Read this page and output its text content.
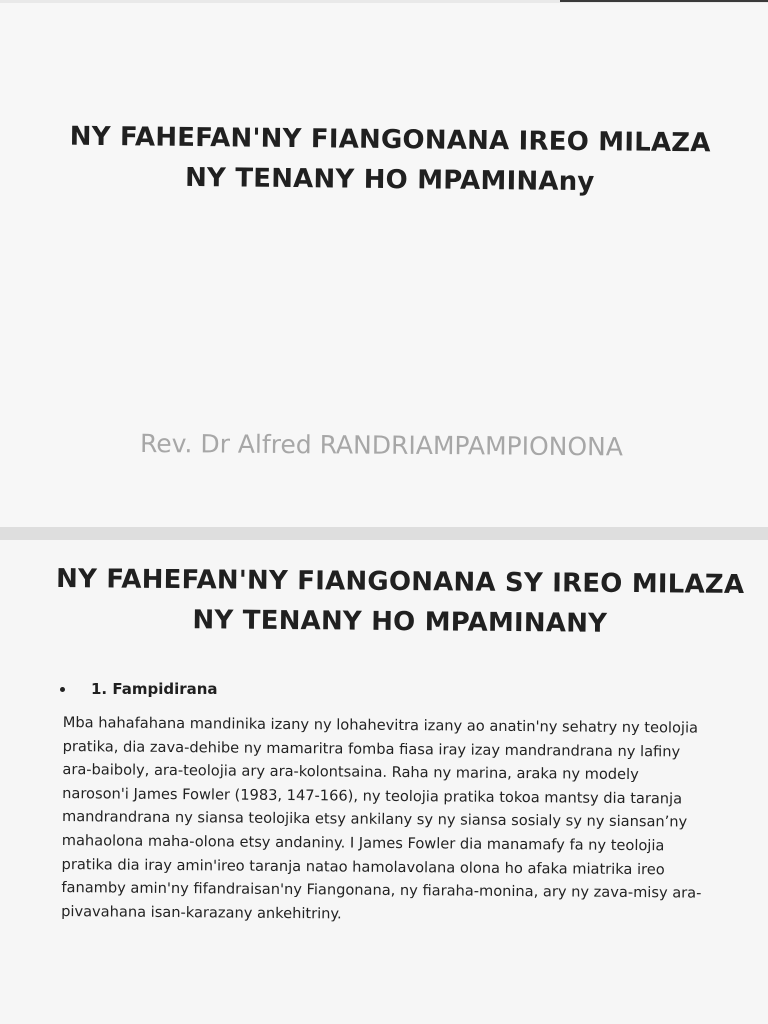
NY FAHEFAN'NY FIANGONANA IREO MILAZA
NY TENANY HO MPAMINAny
Rev. Dr Alfred RANDRIAMPAMPIONONA
NY FAHEFAN'NY FIANGONANA SY IREO MILAZA
NY TENANY HO MPAMINANY
1. Fampidirana
Mba hahafahana mandinika izany ny lohahevitra izany ao anatin'ny sehatry ny teolojia
pratika, dia zava-dehibe ny mamaritra fomba fiasa iray izay mandrandrana ny lafiny
ara-baiboly, ara-teolojia ary ara-kolontsaina. Raha ny marina, araka ny modely
naroson'i James Fowler (1983, 147-166), ny teolojia pratika tokoa mantsy dia taranja
mandrandrana ny siansa teolojika etsy ankilany sy ny siansa sosialy sy ny siansan’ny
mahaolona maha-olona etsy andaniny. I James Fowler dia manamafy fa ny teolojia
pratika dia iray amin'ireo taranja natao hamolavolana olona ho afaka miatrika ireo
fanamby amin'ny fifandraisan'ny Fiangonana, ny fiaraha-monina, ary ny zava-misy ara-
pivavahana isan-karazany ankehitriny.
